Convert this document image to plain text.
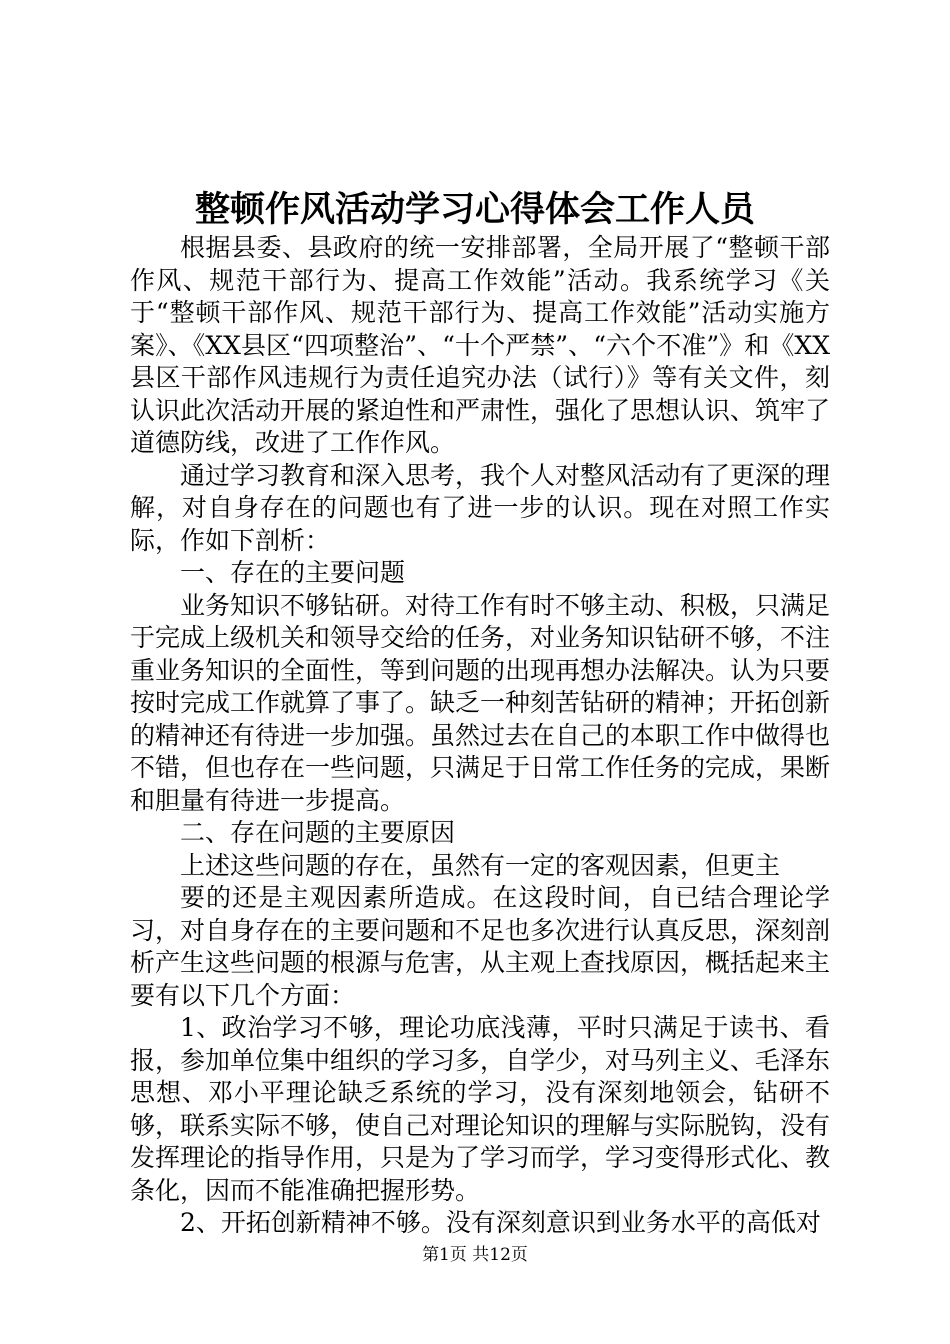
整顿作风活动学习心得体会工作人员

根据县委、县政府的统一安排部署，全局开展了“整顿干部作风、规范干部行为、提高工作效能”活动。我系统学习《关于“整顿干部作风、规范干部行为、提高工作效能”活动实施方案》、《XX县区“四项整治”、“十个严禁”、“六个不准”》和《XX县区干部作风违规行为责任追究办法（试行）》等有关文件，刻认识此次活动开展的紧迫性和严肃性，强化了思想认识、筑牢了道德防线，改进了工作作风。

通过学习教育和深入思考，我个人对整风活动有了更深的理解，对自身存在的问题也有了进一步的认识。现在对照工作实际，作如下剖析：

一、存在的主要问题

业务知识不够钻研。对待工作有时不够主动、积极，只满足于完成上级机关和领导交给的任务，对业务知识钻研不够，不注重业务知识的全面性，等到问题的出现再想办法解决。认为只要按时完成工作就算了事了。缺乏一种刻苦钻研的精神；开拓创新的精神还有待进一步加强。虽然过去在自己的本职工作中做得也不错，但也存在一些问题，只满足于日常工作任务的完成，果断和胆量有待进一步提高。

二、存在问题的主要原因

上述这些问题的存在，虽然有一定的客观因素，但更主

要的还是主观因素所造成。在这段时间，自已结合理论学习，对自身存在的主要问题和不足也多次进行认真反思，深刻剖析产生这些问题的根源与危害，从主观上查找原因，概括起来主要有以下几个方面：

1、政治学习不够，理论功底浅薄，平时只满足于读书、看报，参加单位集中组织的学习多，自学少，对马列主义、毛泽东思想、邓小平理论缺乏系统的学习，没有深刻地领会，钻研不够，联系实际不够，使自己对理论知识的理解与实际脱钩，没有发挥理论的指导作用，只是为了学习而学，学习变得形式化、教条化，因而不能准确把握形势。

2、开拓创新精神不够。没有深刻意识到业务水平的高低对

第1页 共12页
